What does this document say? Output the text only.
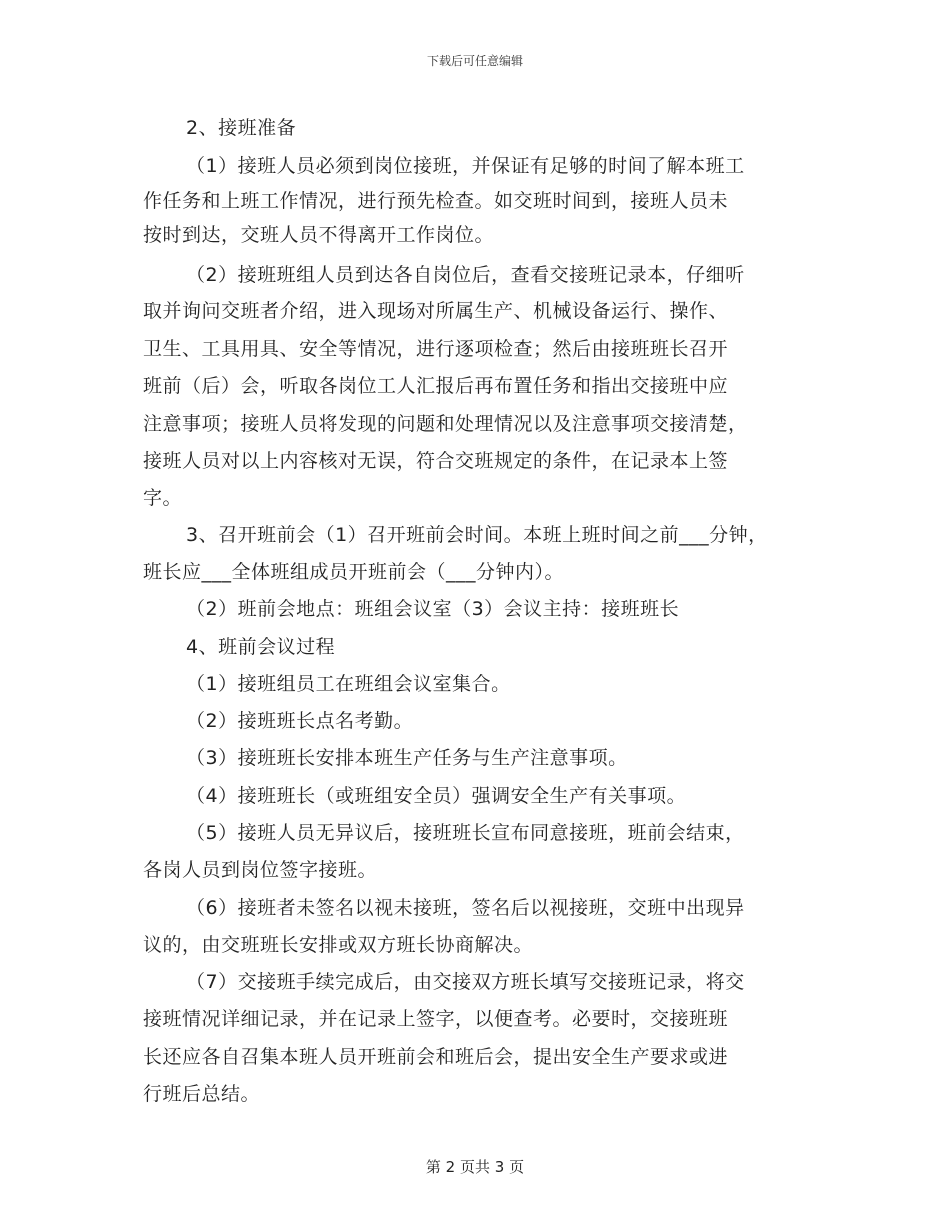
下载后可任意编辑
2、接班准备
（1）接班人员必须到岗位接班，并保证有足够的时间了解本班工
作任务和上班工作情况，进行预先检查。如交班时间到，接班人员未
按时到达，交班人员不得离开工作岗位。
（2）接班班组人员到达各自岗位后，查看交接班记录本，仔细听
取并询问交班者介绍，进入现场对所属生产、机械设备运行、操作、
卫生、工具用具、安全等情况，进行逐项检查；然后由接班班长召开
班前（后）会，听取各岗位工人汇报后再布置任务和指出交接班中应
注意事项；接班人员将发现的问题和处理情况以及注意事项交接清楚，
接班人员对以上内容核对无误，符合交班规定的条件，在记录本上签
字。
3、召开班前会（1）召开班前会时间。本班上班时间之前___分钟，
班长应___全体班组成员开班前会（___分钟内）。
（2）班前会地点：班组会议室（3）会议主持：接班班长
4、班前会议过程
（1）接班组员工在班组会议室集合。
（2）接班班长点名考勤。
（3）接班班长安排本班生产任务与生产注意事项。
（4）接班班长（或班组安全员）强调安全生产有关事项。
（5）接班人员无异议后，接班班长宣布同意接班，班前会结束，
各岗人员到岗位签字接班。
（6）接班者未签名以视未接班，签名后以视接班，交班中出现异
议的，由交班班长安排或双方班长协商解决。
（7）交接班手续完成后，由交接双方班长填写交接班记录，将交
接班情况详细记录，并在记录上签字，以便查考。必要时，交接班班
长还应各自召集本班人员开班前会和班后会，提出安全生产要求或进
行班后总结。
第 2 页共 3 页
